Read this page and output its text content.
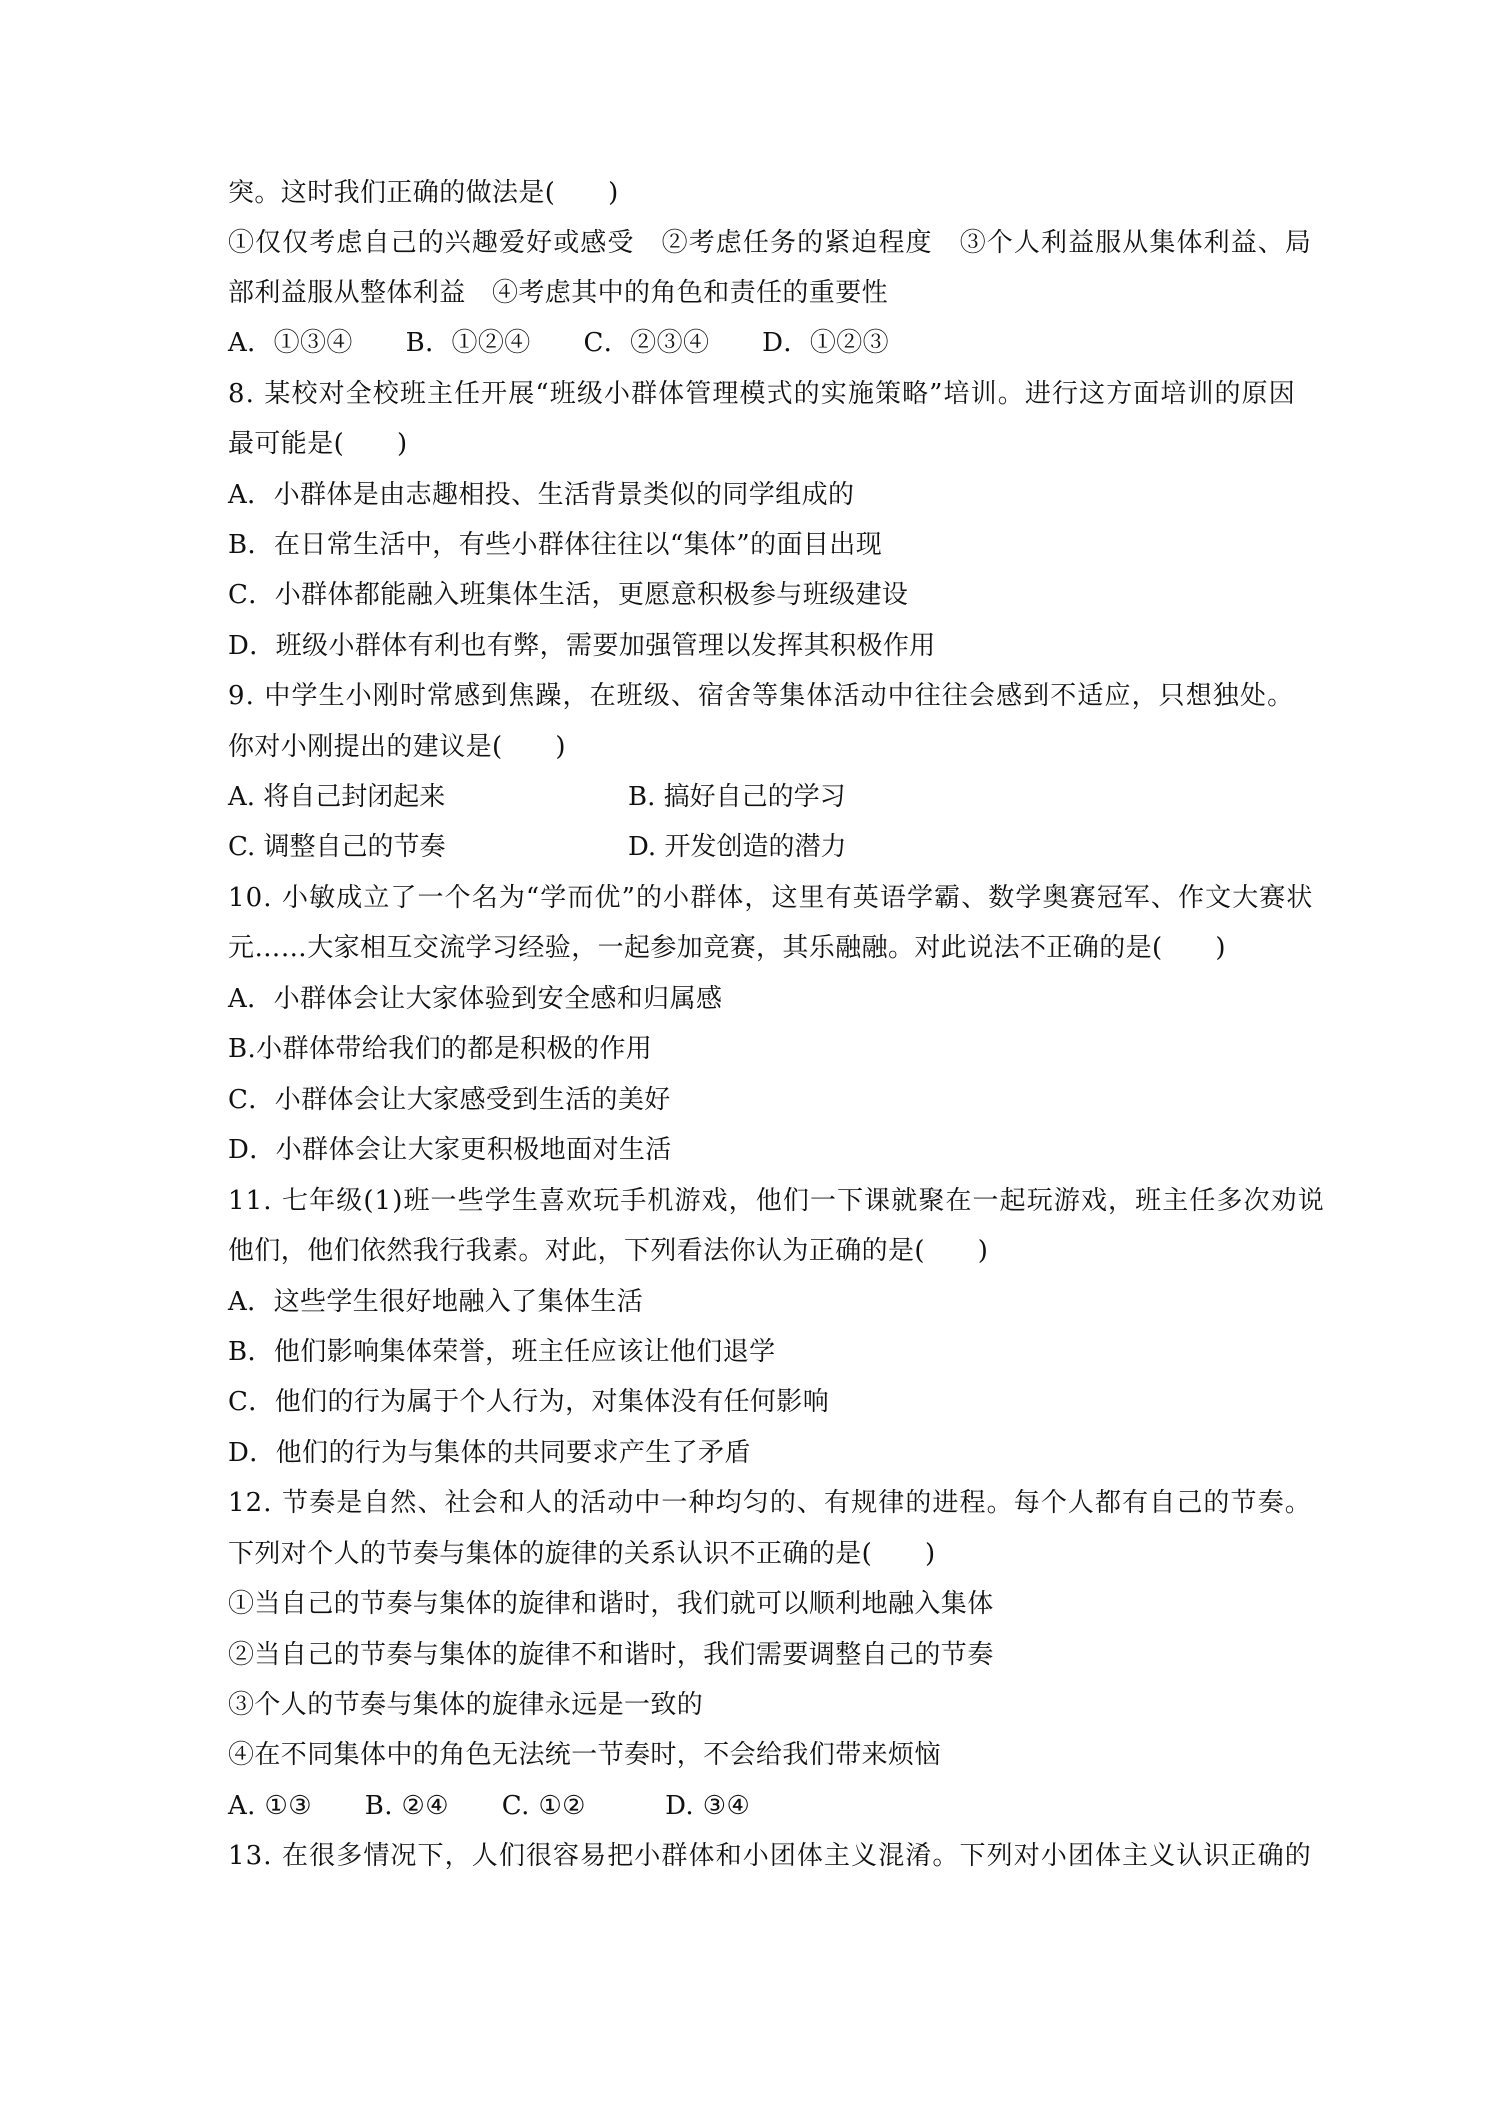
突。这时我们正确的做法是(　　)
①仅仅考虑自己的兴趣爱好或感受　②考虑任务的紧迫程度　③个人利益服从集体利益、局
部利益服从整体利益　④考虑其中的角色和责任的重要性
A．①③④　　B．①②④　　C．②③④　　D．①②③
8. 某校对全校班主任开展“班级小群体管理模式的实施策略”培训。进行这方面培训的原因
最可能是(　　)
A．小群体是由志趣相投、生活背景类似的同学组成的
B．在日常生活中，有些小群体往往以“集体”的面目出现
C．小群体都能融入班集体生活，更愿意积极参与班级建设
D．班级小群体有利也有弊，需要加强管理以发挥其积极作用
9. 中学生小刚时常感到焦躁，在班级、宿舍等集体活动中往往会感到不适应，只想独处。
你对小刚提出的建议是(　　)
A. 将自己封闭起来	B. 搞好自己的学习
C. 调整自己的节奏	D. 开发创造的潜力
10. 小敏成立了一个名为“学而优”的小群体，这里有英语学霸、数学奥赛冠军、作文大赛状
元……大家相互交流学习经验，一起参加竞赛，其乐融融。对此说法不正确的是(　　)
A．小群体会让大家体验到安全感和归属感
B.小群体带给我们的都是积极的作用
C．小群体会让大家感受到生活的美好
D．小群体会让大家更积极地面对生活
11. 七年级(1)班一些学生喜欢玩手机游戏，他们一下课就聚在一起玩游戏，班主任多次劝说
他们，他们依然我行我素。对此，下列看法你认为正确的是(　　)
A．这些学生很好地融入了集体生活
B．他们影响集体荣誉，班主任应该让他们退学
C．他们的行为属于个人行为，对集体没有任何影响
D．他们的行为与集体的共同要求产生了矛盾
12. 节奏是自然、社会和人的活动中一种均匀的、有规律的进程。每个人都有自己的节奏。
下列对个人的节奏与集体的旋律的关系认识不正确的是(　　)
①当自己的节奏与集体的旋律和谐时，我们就可以顺利地融入集体
②当自己的节奏与集体的旋律不和谐时，我们需要调整自己的节奏
③个人的节奏与集体的旋律永远是一致的
④在不同集体中的角色无法统一节奏时，不会给我们带来烦恼
A. ①③　　B. ②④　　C. ①②　　　D. ③④
13. 在很多情况下，人们很容易把小群体和小团体主义混淆。下列对小团体主义认识正确的
